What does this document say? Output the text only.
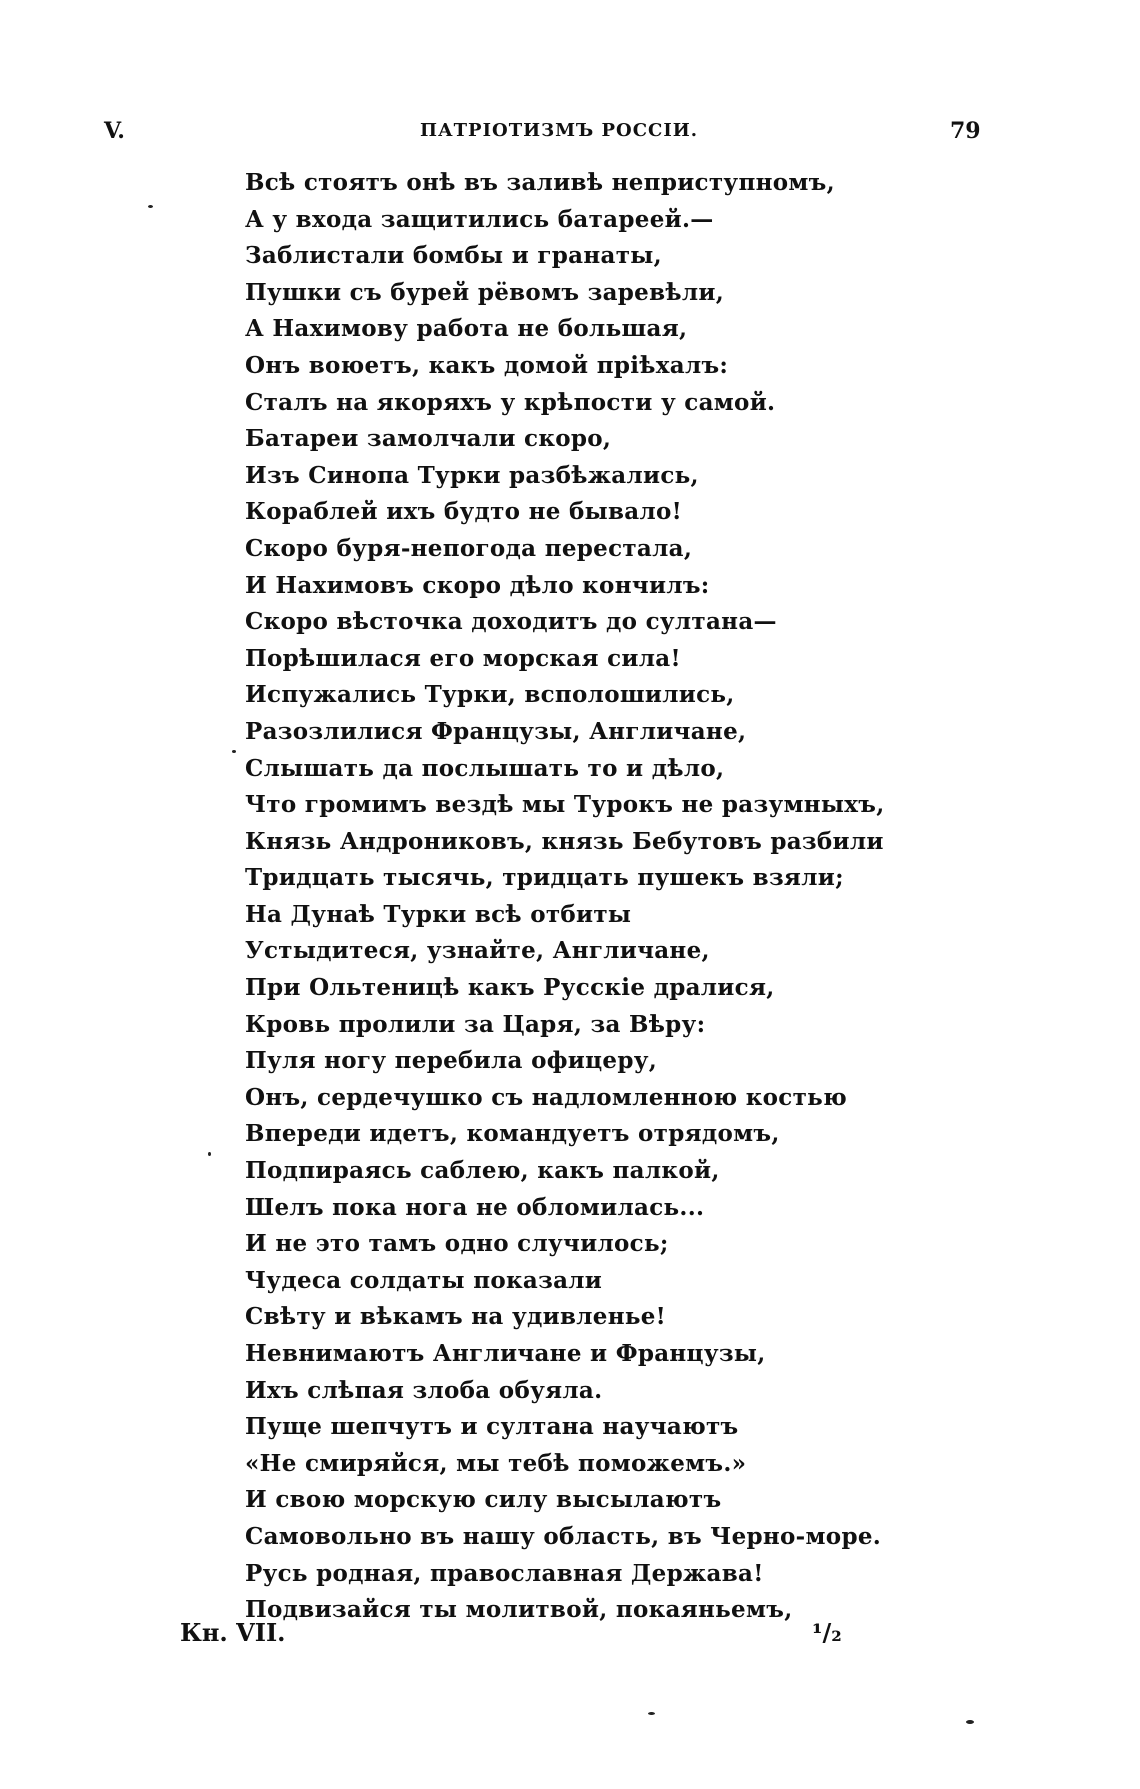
V.	ПАТРІОТИЗМЪ РОССІИ.	79
Всѣ стоятъ онѣ въ заливѣ неприступномъ,
А у входа защитились батареей.—
Заблистали бомбы и гранаты,
Пушки съ бурей рёвомъ заревѣли,
А Нахимову работа не большая,
Онъ воюетъ, какъ домой пріѣхалъ:
Сталъ на якоряхъ у крѣпости у самой.
Батареи замолчали скоро,
Изъ Синопа Турки разбѣжались,
Кораблей ихъ будто не бывало!
Скоро буря-непогода перестала,
И Нахимовъ скоро дѣло кончилъ:
Скоро вѣсточка доходитъ до султана—
Порѣшилася его морская сила!
Испужались Турки, всполошились,
Разозлилися Французы, Англичане,
Слышать да послышать то и дѣло,
Что громимъ вездѣ мы Турокъ не разумныхъ,
Князь Андрониковъ, князь Бебутовъ разбили
Тридцать тысячь, тридцать пушекъ взяли;
На Дунаѣ Турки всѣ отбиты
Устыдитеся, узнайте, Англичане,
При Ольтеницѣ какъ Русскіе дралися,
Кровь пролили за Царя, за Вѣру:
Пуля ногу перебила офицеру,
Онъ, сердечушко съ надломленною костью
Впереди идетъ, командуетъ отрядомъ,
Подпираясь саблею, какъ палкой,
Шелъ пока нога не обломилась...
И не это тамъ одно случилось;
Чудеса солдаты показали
Свѣту и вѣкамъ на удивленье!
Невнимаютъ Англичане и Французы,
Ихъ слѣпая злоба обуяла.
Пуще шепчутъ и султана научаютъ
«Не смиряйся, мы тебѣ поможемъ.»
И свою морскую силу высылаютъ
Самовольно въ нашу область, въ Черно-море.
Русь родная, православная Держава!
Подвизайся ты молитвой, покаяньемъ,
Кн. VII.	¹/₂
